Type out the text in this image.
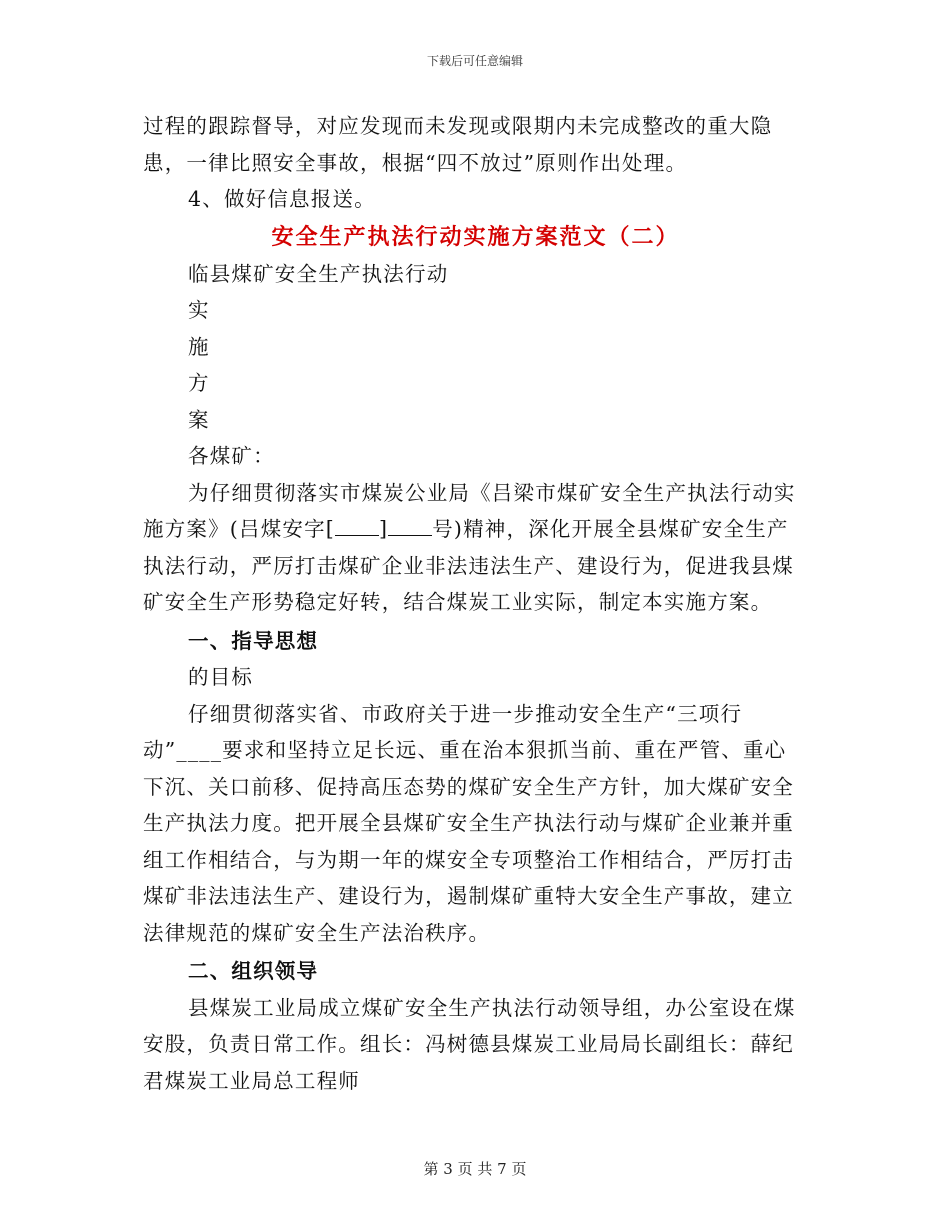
下载后可任意编辑

过程的跟踪督导，对应发现而未发现或限期内未完成整改的重大隐患，一律比照安全事故，根据“四不放过”原则作出处理。

4、做好信息报送。

安全生产执法行动实施方案范文（二）

临县煤矿安全生产执法行动

实

施

方

案

各煤矿：

为仔细贯彻落实市煤炭公业局《吕梁市煤矿安全生产执法行动实施方案》(吕煤安字[ ] 号)精神，深化开展全县煤矿安全生产执法行动，严厉打击煤矿企业非法违法生产、建设行为，促进我县煤矿安全生产形势稳定好转，结合煤炭工业实际，制定本实施方案。

一、指导思想

的目标

仔细贯彻落实省、市政府关于进一步推动安全生产“三项行动”____要求和坚持立足长远、重在治本狠抓当前、重在严管、重心下沉、关口前移、促持高压态势的煤矿安全生产方针，加大煤矿安全生产执法力度。把开展全县煤矿安全生产执法行动与煤矿企业兼并重组工作相结合，与为期一年的煤安全专项整治工作相结合，严厉打击煤矿非法违法生产、建设行为，遏制煤矿重特大安全生产事故，建立法律规范的煤矿安全生产法治秩序。

二、组织领导

县煤炭工业局成立煤矿安全生产执法行动领导组，办公室设在煤安股，负责日常工作。组长：冯树德县煤炭工业局局长副组长：薛纪君煤炭工业局总工程师

第 3 页 共 7 页
